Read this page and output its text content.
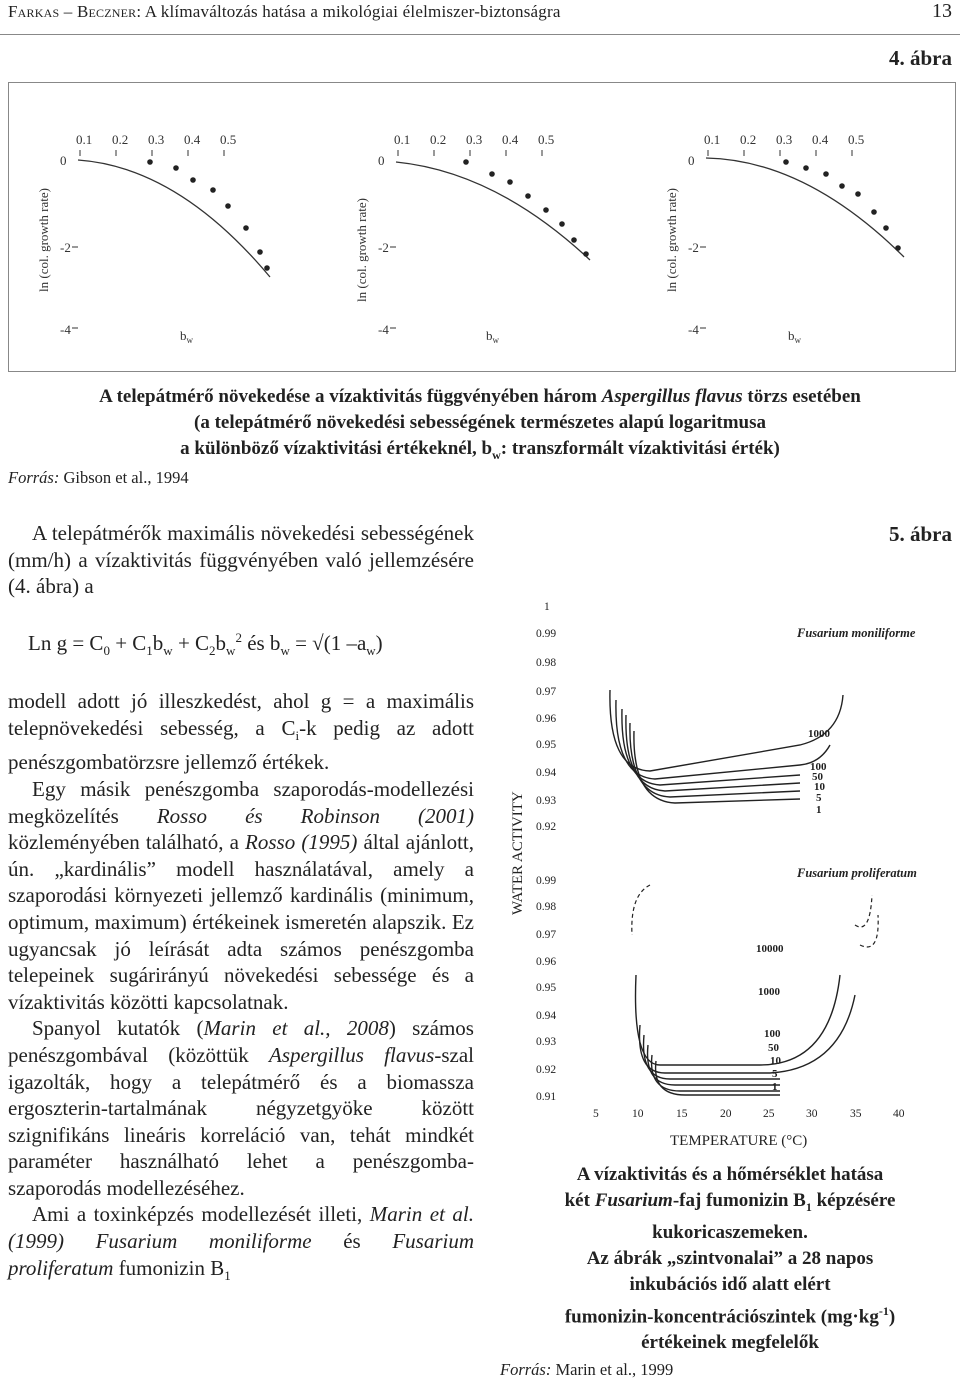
Farkas – Beczner: A klímaváltozás hatása a mikológiai élelmiszer-biztonságra	13
4. ábra
0.1 0.2 0.3 0.4 0.5
0
-2
-4	$b_w$
ln (col. growth rate)
0.1 0.2 0.3 0.4 0.5
0
-2
-4	$b_w$
ln (col. growth rate)
0.1 0.2 0.3 0.4 0.5
0
-2
-4	$b_w$
ln (col. growth rate)
A telepátmérő növekedése a vízaktivitás függvényében három Aspergillus flavus törzs esetében
(a telepátmérő növekedési sebességének természetes alapú logaritmusa
a különböző vízaktivitási értékeknél, $b_w$: transzformált vízaktivitási érték)
Forrás: Gibson et al., 1994
A telepátmérők maximális növekedési sebességének (mm/h) a vízaktivitás függvényében való jellemzésére (4. ábra) a
Ln $g = C_0 + C_1b_w + C_2b_w^2$ és $b_w = √(1$ $-a_w$)

modell adott jó illeszkedést, ahol g = a maximális telepnövekedési sebesség, a $C_i-k$ pedig az adott penészgombatörzsre jellemző értékek.

Egy másik penészgomba szaporodás-modellezési megközelítés Rosso és Robinson (2001) közleményében található, a Rosso (1995) által ajánlott, ún. „kardinális” modell használatával, amely a szaporodási környezeti jellemző kardinális (minimum, optimum, maximum) értékeinek ismeretén alapszik. Ez ugyancsak jó leírását adta számos penészgomba telepeinek sugárirányú növekedési sebessége és a vízaktivitás közötti kapcsolatnak.

Spanyol kutatók (Marin et al., 2008) számos penészgombával (közöttük Aspergillus flavus-szal igazolták, hogy a telepátmérő és a biomassza ergoszterin-tartalmának négyzetgyöke között szignifikáns lineáris korreláció van, tehát mindkét paraméter használható lehet a penészgomba-szaporodás modellezéséhez.

Ami a toxinképzés modellezését illeti, Marin et al. (1999) Fusarium moniliforme és Fusarium proliferatum fumonizin $B_1$

5. ábra
WATER ACTIVITY
1
0.99
0.98
0.97
0.96
0.95
0.94
0.93
0.92
0.99
0.98
0.97
0.96
0.95
0.94
0.93
0.92
0.91
5	10	15	20	25	30	35	40
TEMPERATURE (°C)
Fusarium moniliforme
1000
100
50
10
5
1
Fusarium proliferatum
10000
1000
100
50
10
5
1
A vízaktivitás és a hőmérséklet hatása
két Fusarium-faj fumonizin $B_1$ képzésére
kukoricaszemeken.
Az ábrák „szintvonalai” a 28 napos
inkubációs idő alatt elért
fumonizin-koncentrációszintek $(mg\cdot kg^{-1})$
értékeinek megfelelők
Forrás: Marin et al., 1999
